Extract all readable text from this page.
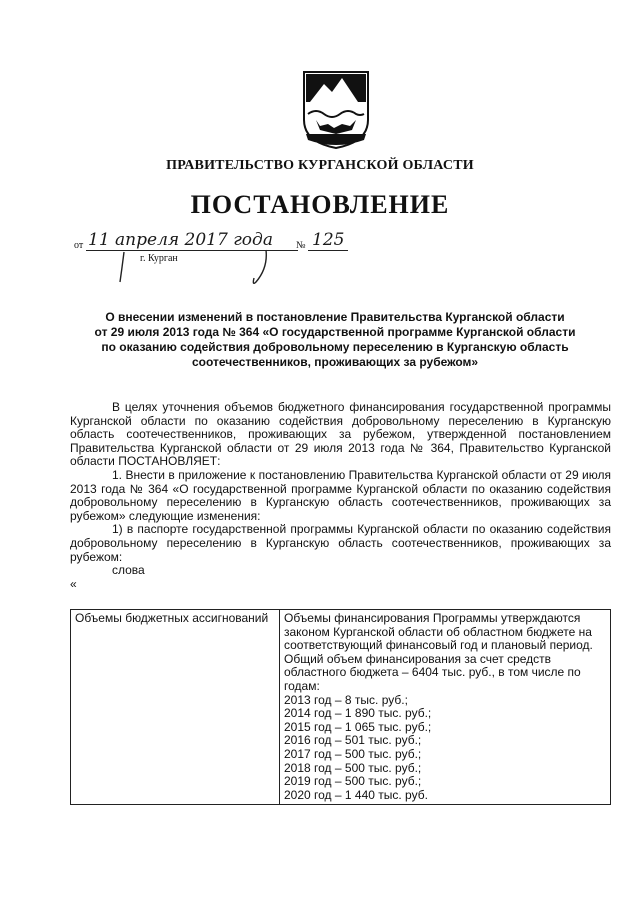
ПРАВИТЕЛЬСТВО КУРГАНСКОЙ ОБЛАСТИ
ПОСТАНОВЛЕНИЕ
от 11 апреля 2017 года	№ 125
г. Курган
О внесении изменений в постановление Правительства Курганской области
от 29 июля 2013 года № 364 «О государственной программе Курганской области
по оказанию содействия добровольному переселению в Курганскую область
соотечественников, проживающих за рубежом»

В целях уточнения объемов бюджетного финансирования государственной программы Курганской области по оказанию содействия добровольному переселению в Курганскую область соотечественников, проживающих за рубежом, утвержденной постановлением Правительства Курганской области от 29 июля 2013 года № 364, Правительство Курганской области ПОСТАНОВЛЯЕТ:

1. Внести в приложение к постановлению Правительства Курганской области от 29 июля 2013 года № 364 «О государственной программе Курганской области по оказанию содействия добровольному переселению в Курганскую область соотечественников, проживающих за рубежом» следующие изменения:

1) в паспорте государственной программы Курганской области по оказанию содействия добровольному переселению в Курганскую область соотечественников, проживающих за рубежом:

слова

«

Объемы бюджетных ассигнований	Объемы финансирования Программы утверждаются законом Курганской области об областном бюджете на соответствующий финансовый год и плановый период.
Общий объем финансирования за счет средств областного бюджета – 6404 тыс. руб., в том числе по годам:
2013 год – 8 тыс. руб.;
2014 год – 1 890 тыс. руб.;
2015 год – 1 065 тыс. руб.;
2016 год – 501 тыс. руб.;
2017 год – 500 тыс. руб.;
2018 год – 500 тыс. руб.;
2019 год – 500 тыс. руб.;
2020 год – 1 440 тыс. руб.
